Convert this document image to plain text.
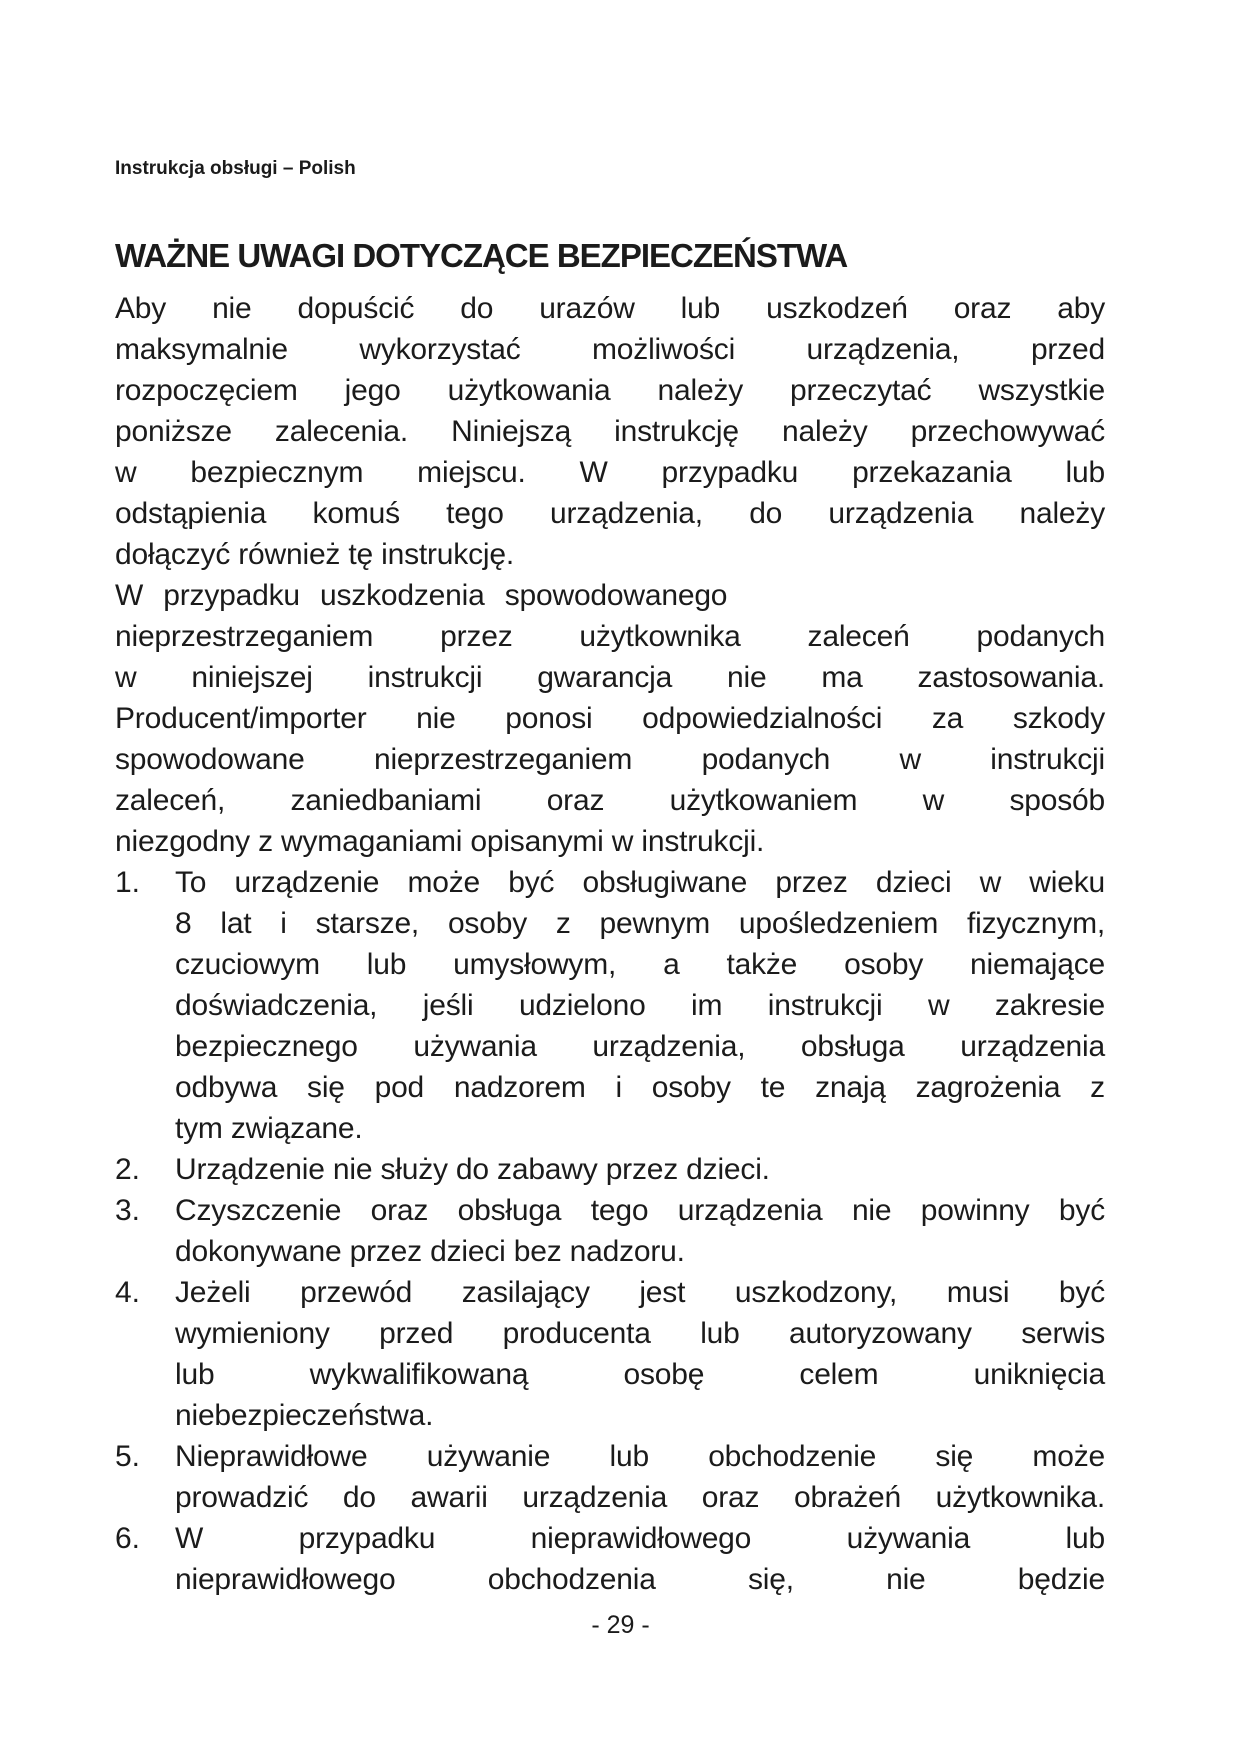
Instrukcja obsługi – Polish
WAŻNE UWAGI DOTYCZĄCE BEZPIECZEŃSTWA
Aby nie dopuścić do urazów lub uszkodzeń oraz aby
maksymalnie wykorzystać możliwości urządzenia, przed
rozpoczęciem jego użytkowania należy przeczytać wszystkie
poniższe zalecenia. Niniejszą instrukcję należy przechowywać
w bezpiecznym miejscu. W przypadku przekazania lub
odstąpienia komuś tego urządzenia, do urządzenia należy
dołączyć również tę instrukcję.
W przypadku uszkodzenia spowodowanego
nieprzestrzeganiem przez użytkownika zaleceń podanych
w niniejszej instrukcji gwarancja nie ma zastosowania.
Producent/importer nie ponosi odpowiedzialności za szkody
spowodowane nieprzestrzeganiem podanych w instrukcji
zaleceń, zaniedbaniami oraz użytkowaniem w sposób
niezgodny z wymaganiami opisanymi w instrukcji.
1.	To urządzenie może być obsługiwane przez dzieci w wieku
8 lat i starsze, osoby z pewnym upośledzeniem fizycznym,
czuciowym lub umysłowym, a także osoby niemające
doświadczenia, jeśli udzielono im instrukcji w zakresie
bezpiecznego używania urządzenia, obsługa urządzenia
odbywa się pod nadzorem i osoby te znają zagrożenia z
tym związane.
2.	Urządzenie nie służy do zabawy przez dzieci.
3.	Czyszczenie oraz obsługa tego urządzenia nie powinny być
dokonywane przez dzieci bez nadzoru.
4.	Jeżeli przewód zasilający jest uszkodzony, musi być
wymieniony przed producenta lub autoryzowany serwis
lub wykwalifikowaną osobę celem uniknięcia
niebezpieczeństwa.
5.	Nieprawidłowe używanie lub obchodzenie się może
prowadzić do awarii urządzenia oraz obrażeń użytkownika.
6.	W przypadku nieprawidłowego używania lub
nieprawidłowego obchodzenia się, nie będzie
- 29 -
